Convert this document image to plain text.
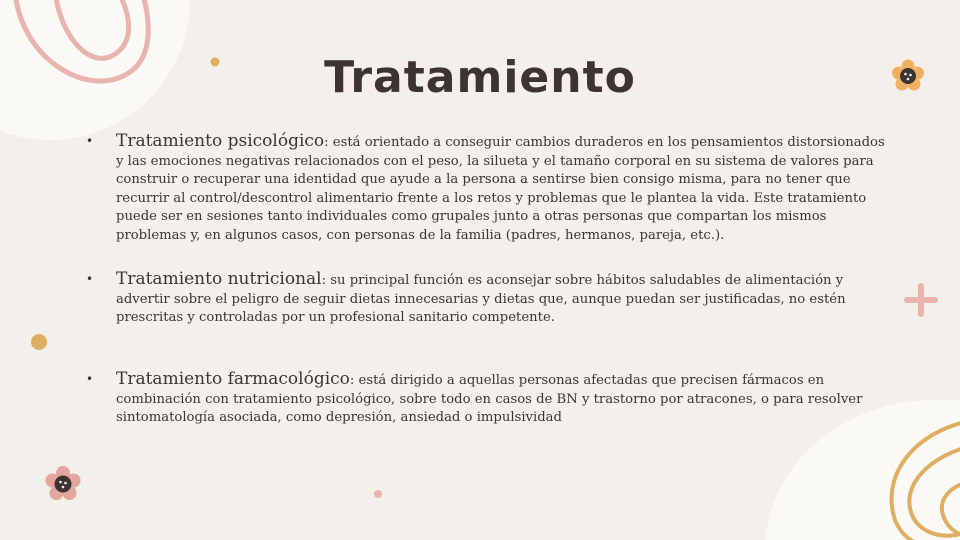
Tratamiento
•	Tratamiento psicológico: está orientado a conseguir cambios duraderos en los pensamientos distorsionados y las emociones negativas relacionados con el peso, la silueta y el tamaño corporal en su sistema de valores para construir o recuperar una identidad que ayude a la persona a sentirse bien consigo misma, para no tener que recurrir al control/descontrol alimentario frente a los retos y problemas que le plantea la vida. Este tratamiento puede ser en sesiones tanto individuales como grupales junto a otras personas que compartan los mismos problemas y, en algunos casos, con personas de la familia (padres, hermanos, pareja, etc.).
•	Tratamiento nutricional: su principal función es aconsejar sobre hábitos saludables de alimentación y advertir sobre el peligro de seguir dietas innecesarias y dietas que, aunque puedan ser justificadas, no estén prescritas y controladas por un profesional sanitario competente.
•	Tratamiento farmacológico: está dirigido a aquellas personas afectadas que precisen fármacos en combinación con tratamiento psicológico, sobre todo en casos de BN y trastorno por atracones, o para resolver sintomatología asociada, como depresión, ansiedad o impulsividad
